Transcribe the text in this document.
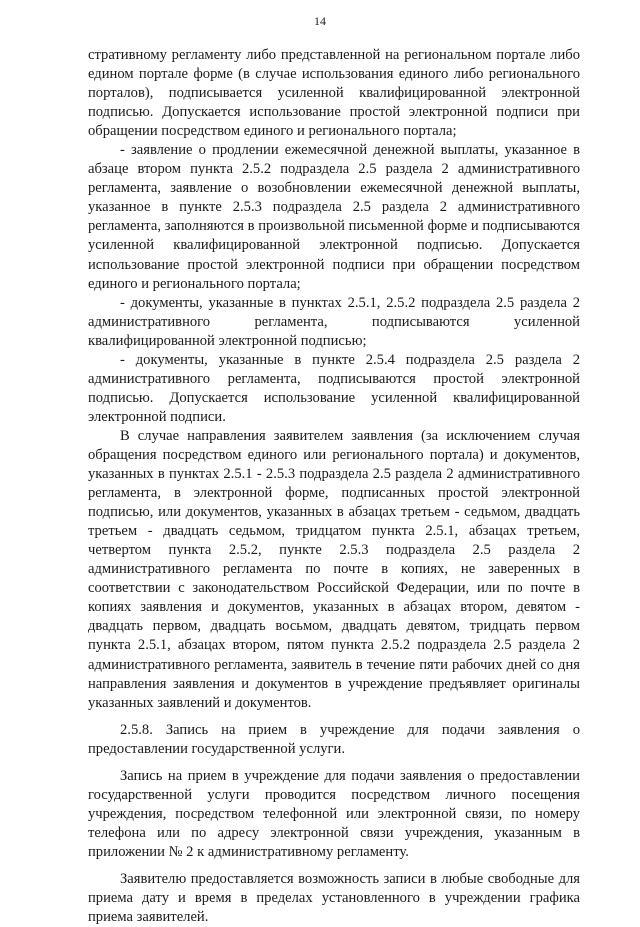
14

стративному регламенту либо представленной на региональном портале либо едином портале форме (в случае использования единого либо регионального порталов), подписывается усиленной квалифицированной электронной подписью. Допускается использование простой электронной подписи при обращении посредством единого и регионального портала;

- заявление о продлении ежемесячной денежной выплаты, указанное в абзаце втором пункта 2.5.2 подраздела 2.5 раздела 2 административного регламента, заявление о возобновлении ежемесячной денежной выплаты, указанное в пункте 2.5.3 подраздела 2.5 раздела 2 административного регламента, заполняются в произвольной письменной форме и подписываются усиленной квалифицированной электронной подписью. Допускается использование простой электронной подписи при обращении посредством единого и регионального портала;

- документы, указанные в пунктах 2.5.1, 2.5.2 подраздела 2.5 раздела 2 административного регламента, подписываются усиленной квалифицированной электронной подписью;

- документы, указанные в пункте 2.5.4 подраздела 2.5 раздела 2 административного регламента, подписываются простой электронной подписью. Допускается использование усиленной квалифицированной электронной подписи.

В случае направления заявителем заявления (за исключением случая обращения посредством единого или регионального портала) и документов, указанных в пунктах 2.5.1 - 2.5.3 подраздела 2.5 раздела 2 административного регламента, в электронной форме, подписанных простой электронной подписью, или документов, указанных в абзацах третьем - седьмом, двадцать третьем - двадцать седьмом, тридцатом пункта 2.5.1, абзацах третьем, четвертом пункта 2.5.2, пункте 2.5.3 подраздела 2.5 раздела 2 административного регламента по почте в копиях, не заверенных в соответствии с законодательством Российской Федерации, или по почте в копиях заявления и документов, указанных в абзацах втором, девятом - двадцать первом, двадцать восьмом, двадцать девятом, тридцать первом пункта 2.5.1, абзацах втором, пятом пункта 2.5.2 подраздела 2.5 раздела 2 административного регламента, заявитель в течение пяти рабочих дней со дня направления заявления и документов в учреждение предъявляет оригиналы указанных заявлений и документов.

2.5.8. Запись на прием в учреждение для подачи заявления о предоставлении государственной услуги.

Запись на прием в учреждение для подачи заявления о предоставлении государственной услуги проводится посредством личного посещения учреждения, посредством телефонной или электронной связи, по номеру телефона или по адресу электронной связи учреждения, указанным в приложении № 2 к административному регламенту.

Заявителю предоставляется возможность записи в любые свободные для приема дату и время в пределах установленного в учреждении графика приема заявителей.
